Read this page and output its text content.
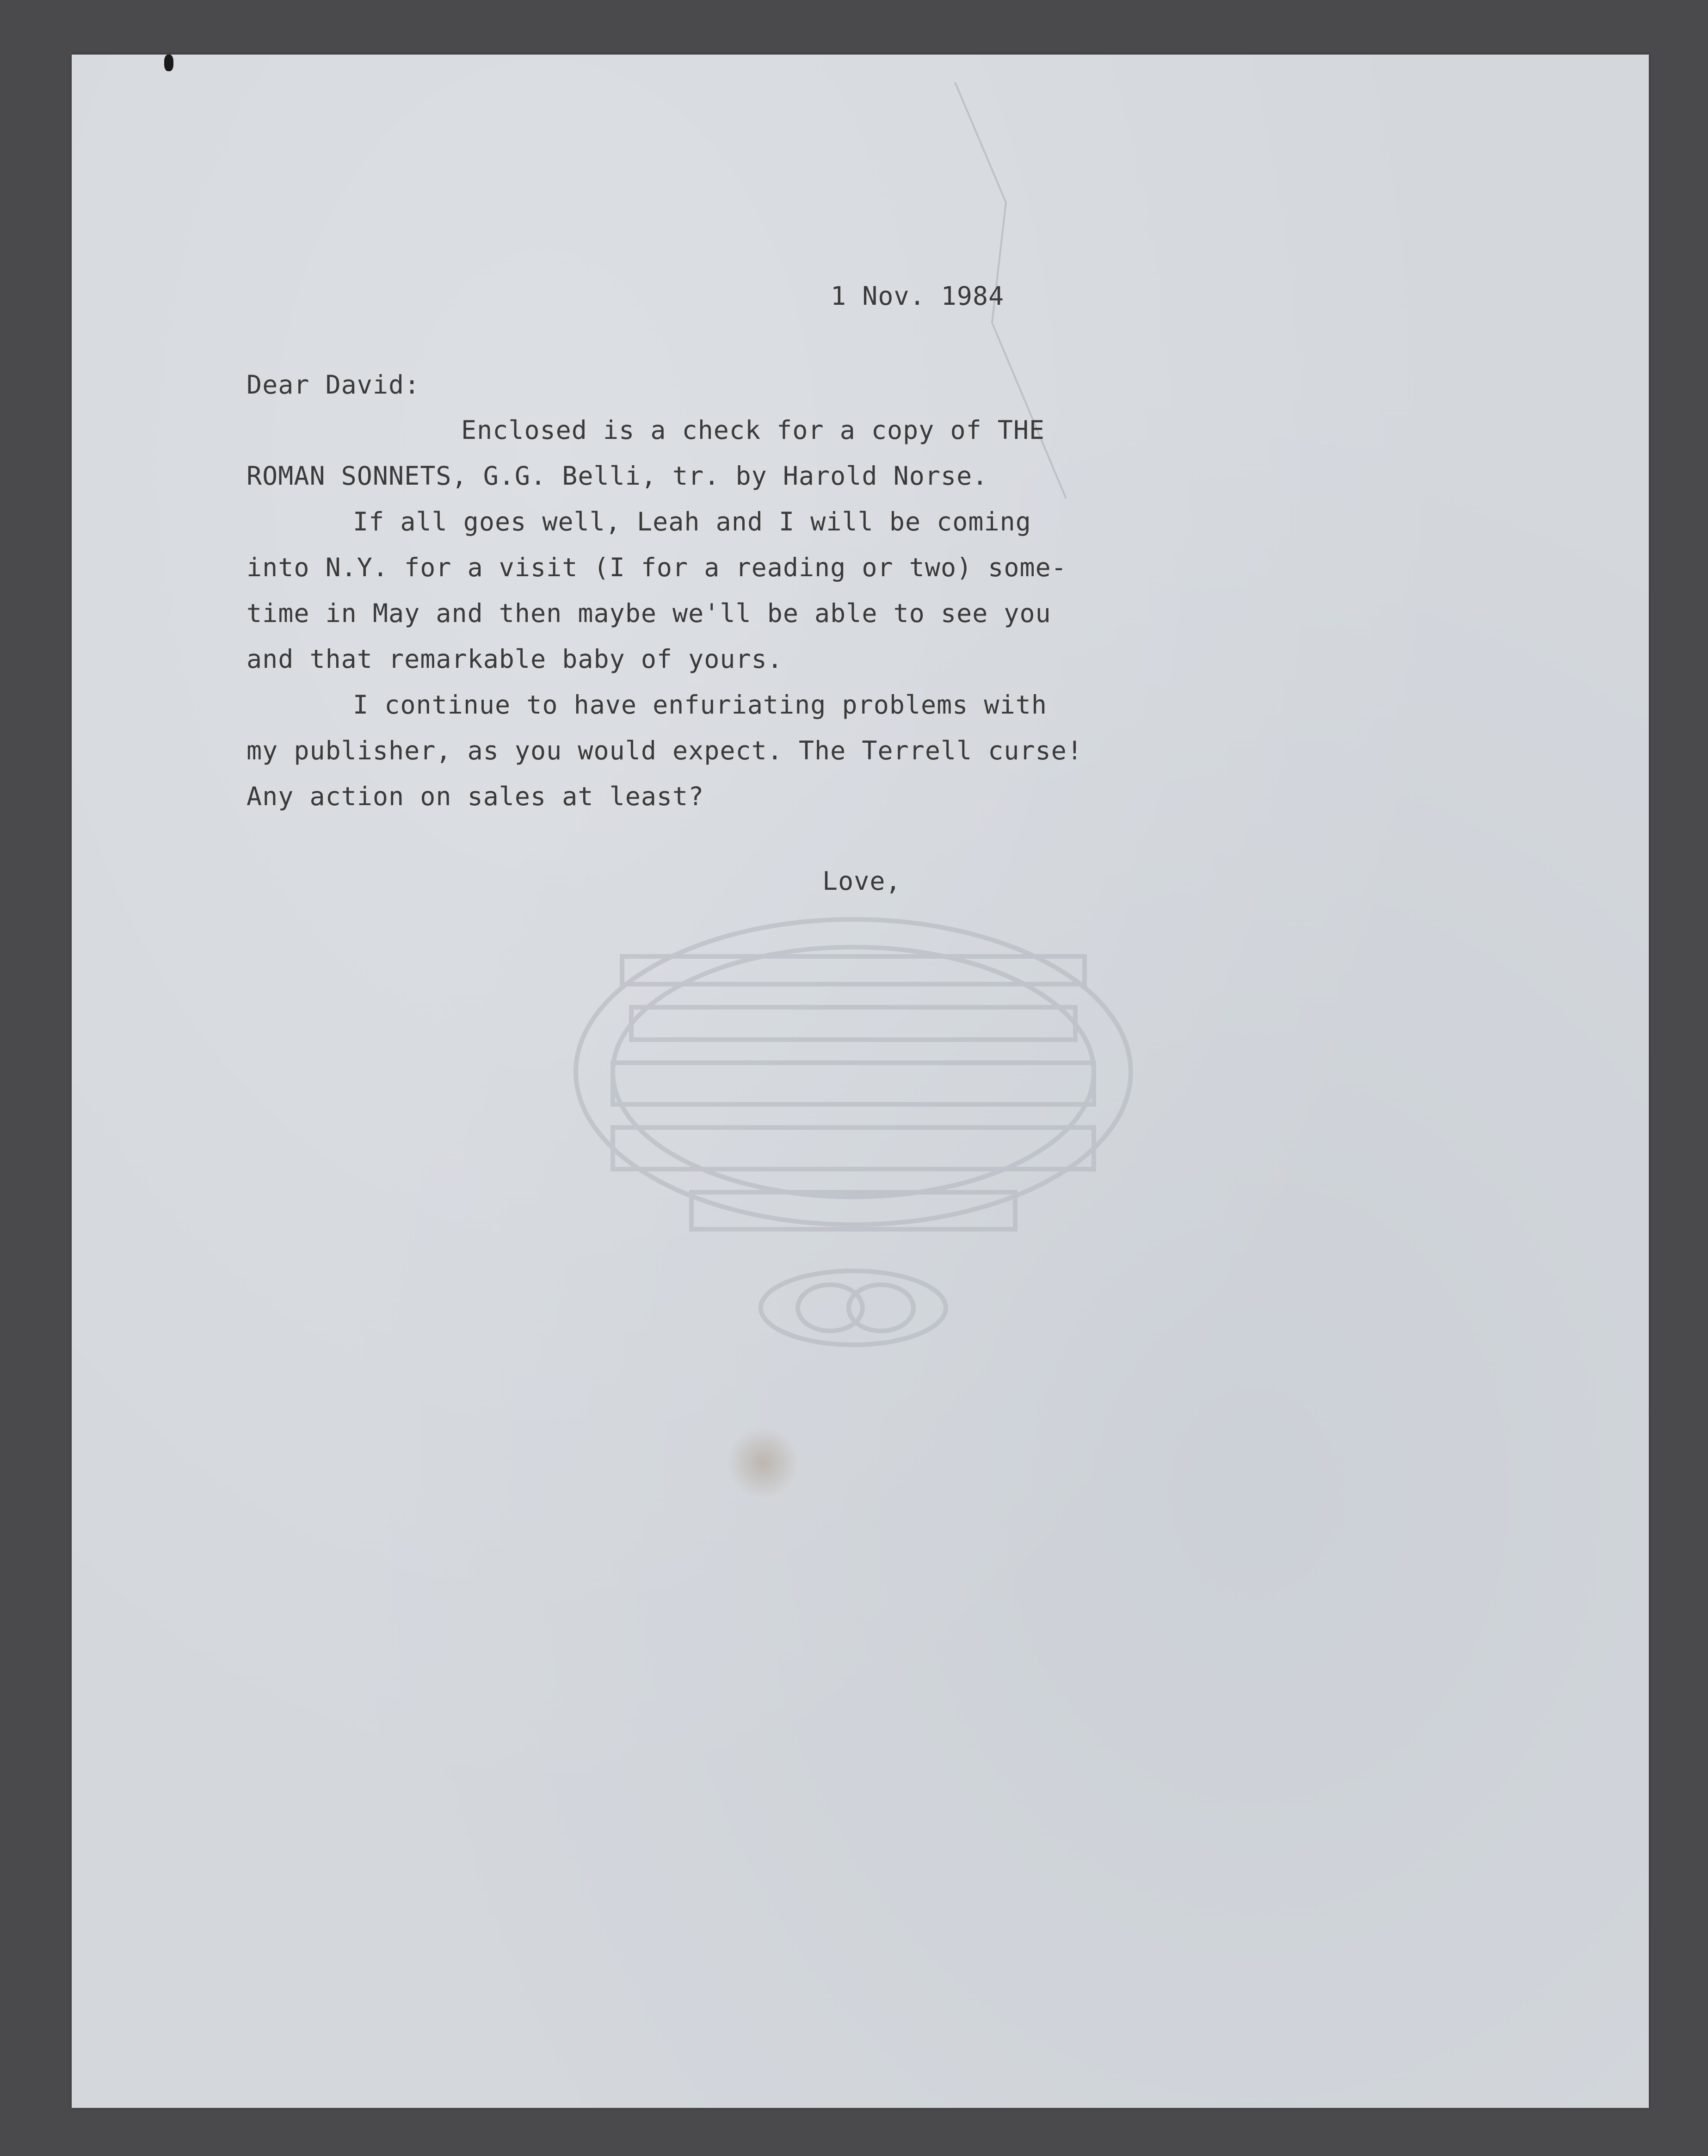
1 Nov. 1984
Dear David:
Enclosed is a check for a copy of THE
ROMAN SONNETS, G.G. Belli, tr. by Harold Norse.
If all goes well, Leah and I will be coming
into N.Y. for a visit (I for a reading or two) some-
time in May and then maybe we'll be able to see you
and that remarkable baby of yours.
I continue to have enfuriating problems with
my publisher, as you would expect. The Terrell curse!
Any action on sales at least?
Love,
